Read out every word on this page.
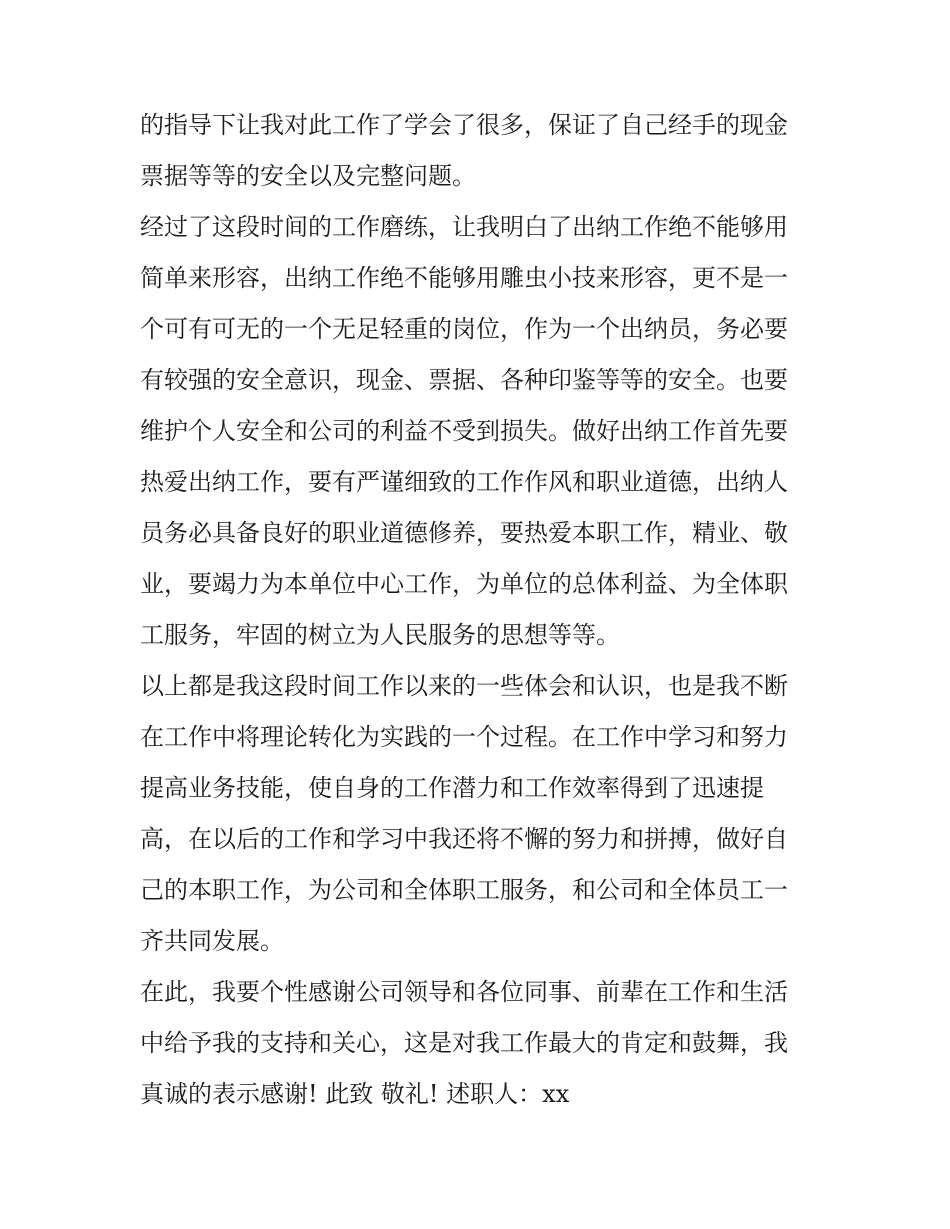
的指导下让我对此工作了学会了很多，保证了自己经手的现金
票据等等的安全以及完整问题。
经过了这段时间的工作磨练，让我明白了出纳工作绝不能够用
简单来形容，出纳工作绝不能够用雕虫小技来形容，更不是一
个可有可无的一个无足轻重的岗位，作为一个出纳员，务必要
有较强的安全意识，现金、票据、各种印鉴等等的安全。也要
维护个人安全和公司的利益不受到损失。做好出纳工作首先要
热爱出纳工作，要有严谨细致的工作作风和职业道德，出纳人
员务必具备良好的职业道德修养，要热爱本职工作，精业、敬
业，要竭力为本单位中心工作，为单位的总体利益、为全体职
工服务，牢固的树立为人民服务的思想等等。
以上都是我这段时间工作以来的一些体会和认识，也是我不断
在工作中将理论转化为实践的一个过程。在工作中学习和努力
提高业务技能，使自身的工作潜力和工作效率得到了迅速提
高，在以后的工作和学习中我还将不懈的努力和拼搏，做好自
己的本职工作，为公司和全体职工服务，和公司和全体员工一
齐共同发展。
在此，我要个性感谢公司领导和各位同事、前辈在工作和生活
中给予我的支持和关心，这是对我工作最大的肯定和鼓舞，我
真诚的表示感谢! 此致 敬礼! 述职人：xx
